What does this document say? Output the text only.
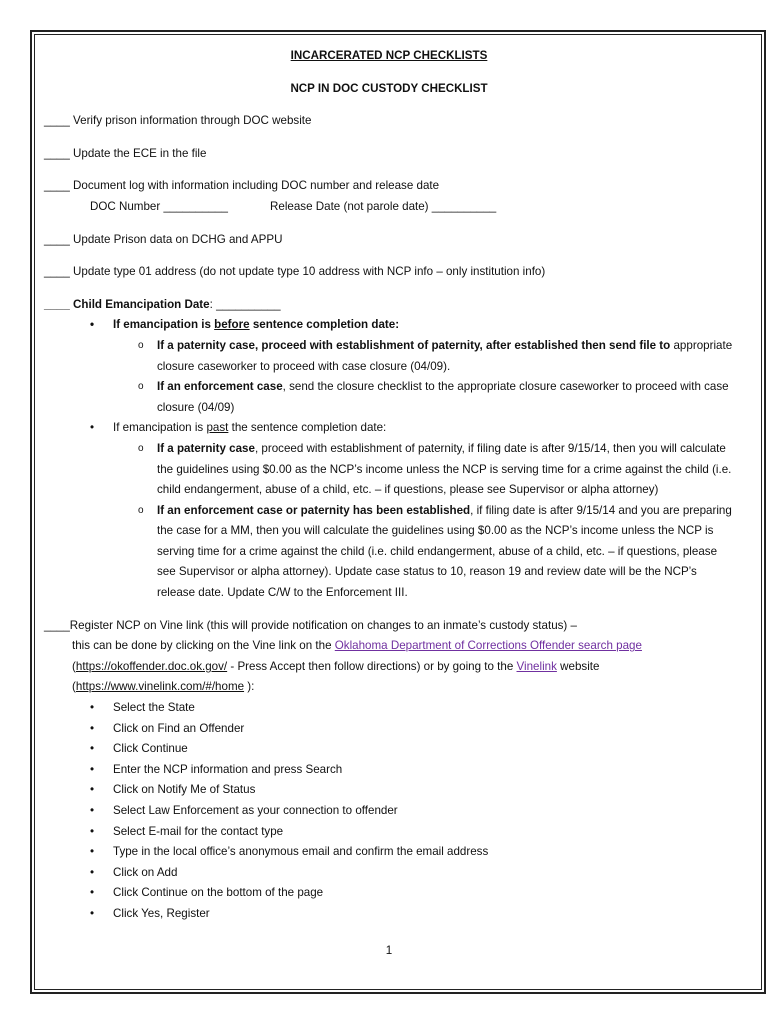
INCARCERATED NCP CHECKLISTS
NCP IN DOC CUSTODY CHECKLIST
____ Verify prison information through DOC website
____ Update the ECE in the file
____ Document log with information including DOC number and release date
DOC Number __________	Release Date (not parole date) __________
____ Update Prison data on DCHG and APPU
____ Update type 01 address (do not update type 10 address with NCP info – only institution info)
____ Child Emancipation Date: __________
• If emancipation is before sentence completion date:
o If a paternity case, proceed with establishment of paternity, after established then send file to appropriate closure caseworker to proceed with case closure (04/09).
o If an enforcement case, send the closure checklist to the appropriate closure caseworker to proceed with case closure (04/09)
• If emancipation is past the sentence completion date:
o If a paternity case, proceed with establishment of paternity, if filing date is after 9/15/14, then you will calculate the guidelines using $0.00 as the NCP’s income unless the NCP is serving time for a crime against the child (i.e. child endangerment, abuse of a child, etc. – if questions, please see Supervisor or alpha attorney)
o If an enforcement case or paternity has been established, if filing date is after 9/15/14 and you are preparing the case for a MM, then you will calculate the guidelines using $0.00 as the NCP’s income unless the NCP is serving time for a crime against the child (i.e. child endangerment, abuse of a child, etc. – if questions, please see Supervisor or alpha attorney). Update case status to 10, reason 19 and review date will be the NCP’s release date. Update C/W to the Enforcement III.
____Register NCP on Vine link (this will provide notification on changes to an inmate’s custody status) –
this can be done by clicking on the Vine link on the Oklahoma Department of Corrections Offender search page
(https://okoffender.doc.ok.gov/ - Press Accept then follow directions) or by going to the Vinelink website
(https://www.vinelink.com/#/home ):
• Select the State
• Click on Find an Offender
• Click Continue
• Enter the NCP information and press Search
• Click on Notify Me of Status
• Select Law Enforcement as your connection to offender
• Select E-mail for the contact type
• Type in the local office’s anonymous email and confirm the email address
• Click on Add
• Click Continue on the bottom of the page
• Click Yes, Register
1
